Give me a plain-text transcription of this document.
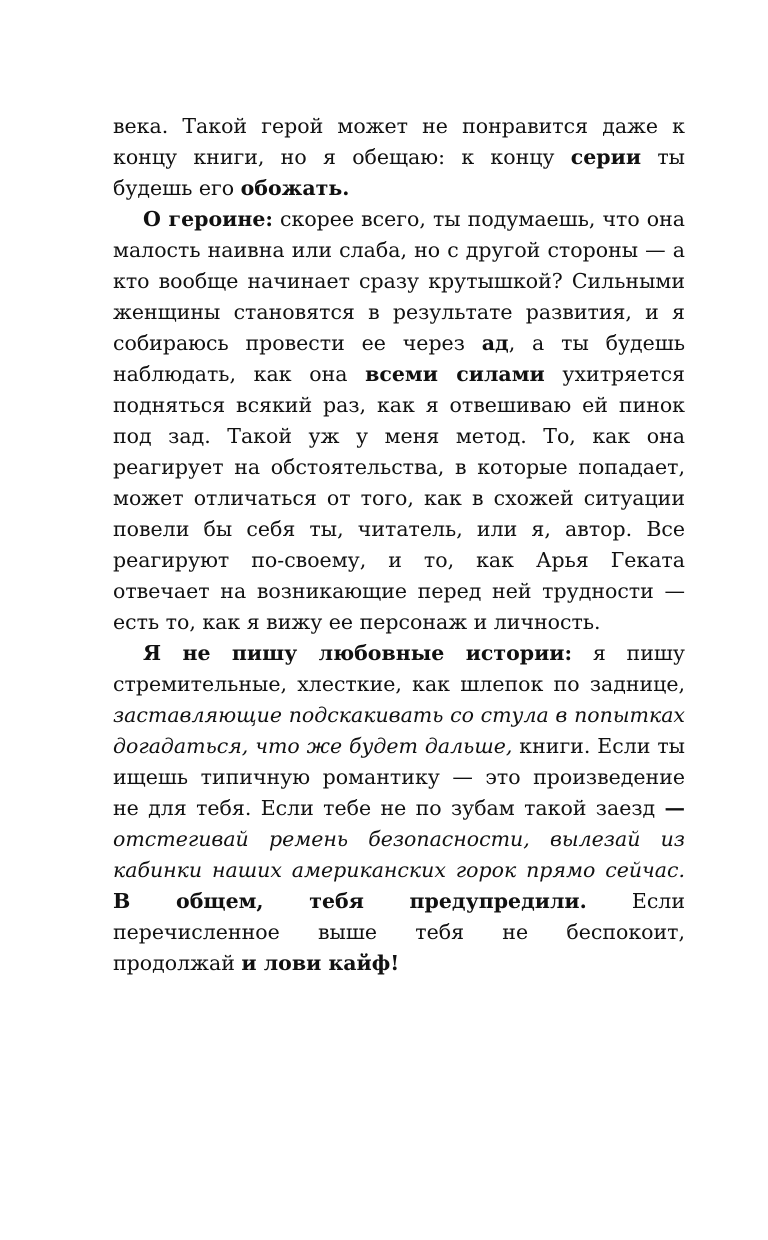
века. Такой герой может не понравится даже к концу книги, но я обещаю: к концу серии ты будешь его обожать.

О героине: скорее всего, ты подумаешь, что она малость наивна или слаба, но с другой стороны — а кто вообще начинает сразу крутышкой? Сильными женщины становятся в результате развития, и я собираюсь провести ее через ад, а ты будешь наблюдать, как она всеми силами ухитряется подняться всякий раз, как я отвешиваю ей пинок под зад. Такой уж у меня метод. То, как она реагирует на обстоятельства, в которые попадает, может отличаться от того, как в схожей ситуации повели бы себя ты, читатель, или я, автор. Все реагируют по-своему, и то, как Арья Геката отвечает на возникающие перед ней трудности — есть то, как я вижу ее персонаж и личность.

Я не пишу любовные истории: я пишу стремительные, хлесткие, как шлепок по заднице, заставляющие подскакивать со стула в попытках догадаться, что же будет дальше, книги. Если ты ищешь типичную романтику — это произведение не для тебя. Если тебе не по зубам такой заезд — отстегивай ремень безопасности, вылезай из кабинки наших американских горок прямо сейчас. В общем, тебя предупредили. Если перечисленное выше тебя не беспокоит, продолжай и лови кайф!
